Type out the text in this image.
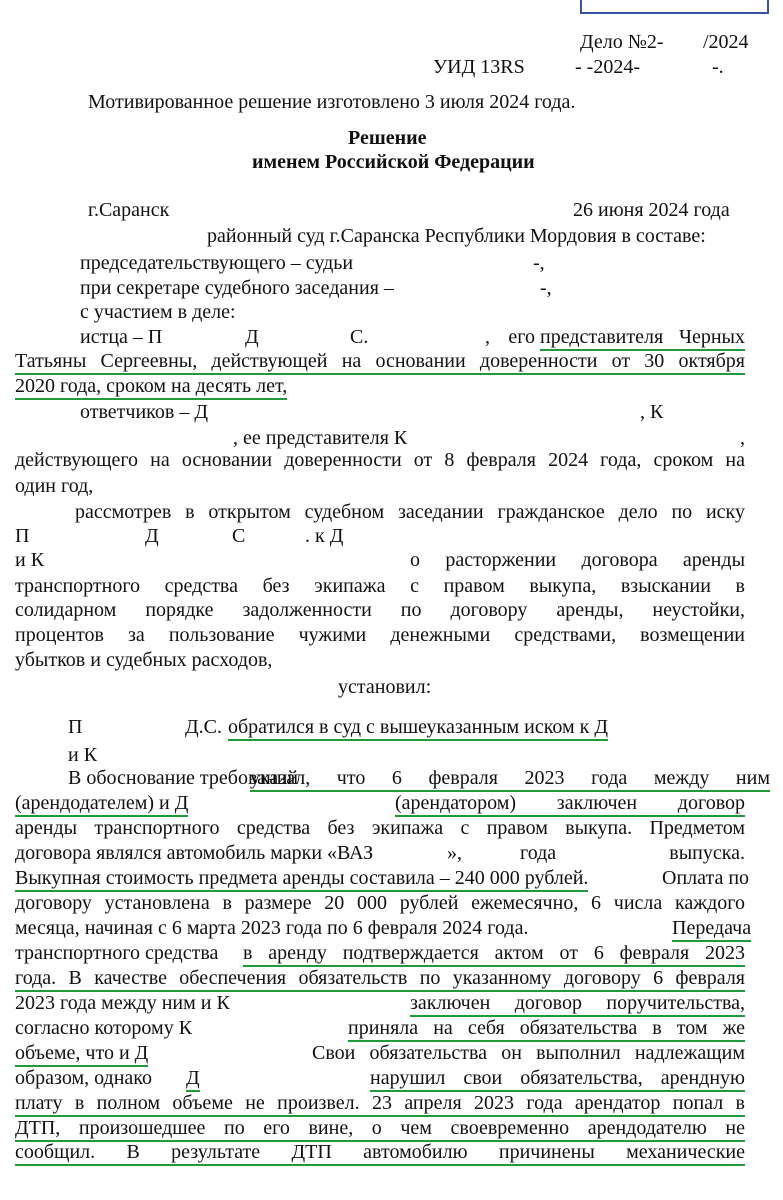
Дело №2- /2024
УИД 13RS	- -2024-	-.
Мотивированное решение изготовлено 3 июля 2024 года.
Решение
именем Российской Федерации
г.Саранск	26 июня 2024 года
районный суд г.Саранска Республики Мордовия в составе:
председательствующего – судьи	-,
при секретаре судебного заседания –	-,
с участием в деле:
истца – П	Д	С.	, его представителя Черных
Татьяны Сергеевны, действующей на основании доверенности от 30 октября
2020 года, сроком на десять лет,
ответчиков – Д	, К
, ее представителя К	,
действующего на основании доверенности от 8 февраля 2024 года, сроком на
один год,
рассмотрев в открытом судебном заседании гражданское дело по иску
П	Д	С	. к Д
и К	о расторжении договора аренды
транспортного средства без экипажа с правом выкупа, взыскании в
солидарном порядке задолженности по договору аренды, неустойки,
процентов за пользование чужими денежными средствами, возмещении
убытков и судебных расходов,
установил:
П	Д.С. обратился в суд с вышеуказанным иском к Д
и К
В обоснование требований
указал, что 6 февраля 2023 года между ним
(арендодателем) и Д	(арендатором) заключен договор
аренды транспортного средства без экипажа с правом выкупа. Предметом
договора являлся автомобиль марки «ВАЗ	»,	года выпуска.
Выкупная стоимость предмета аренды составила – 240 000 рублей.	Оплата по
договору установлена в размере 20 000 рублей ежемесячно, 6 числа каждого
месяца, начиная с 6 марта 2023 года по 6 февраля 2024 года.	Передача
транспортного средства в аренду подтверждается актом от 6 февраля 2023
года. В качестве обеспечения обязательств по указанному договору 6 февраля
2023 года между ним и К	заключен договор поручительства,
согласно которому К	приняла на себя обязательства в том же
объеме, что и Д	Свои обязательства он выполнил надлежащим
образом, однако Д	нарушил свои обязательства, арендную
плату в полном объеме не произвел. 23 апреля 2023 года арендатор попал в
ДТП, произошедшее по его вине, о чем своевременно арендодателю не
сообщил. В результате ДТП автомобилю причинены механические
